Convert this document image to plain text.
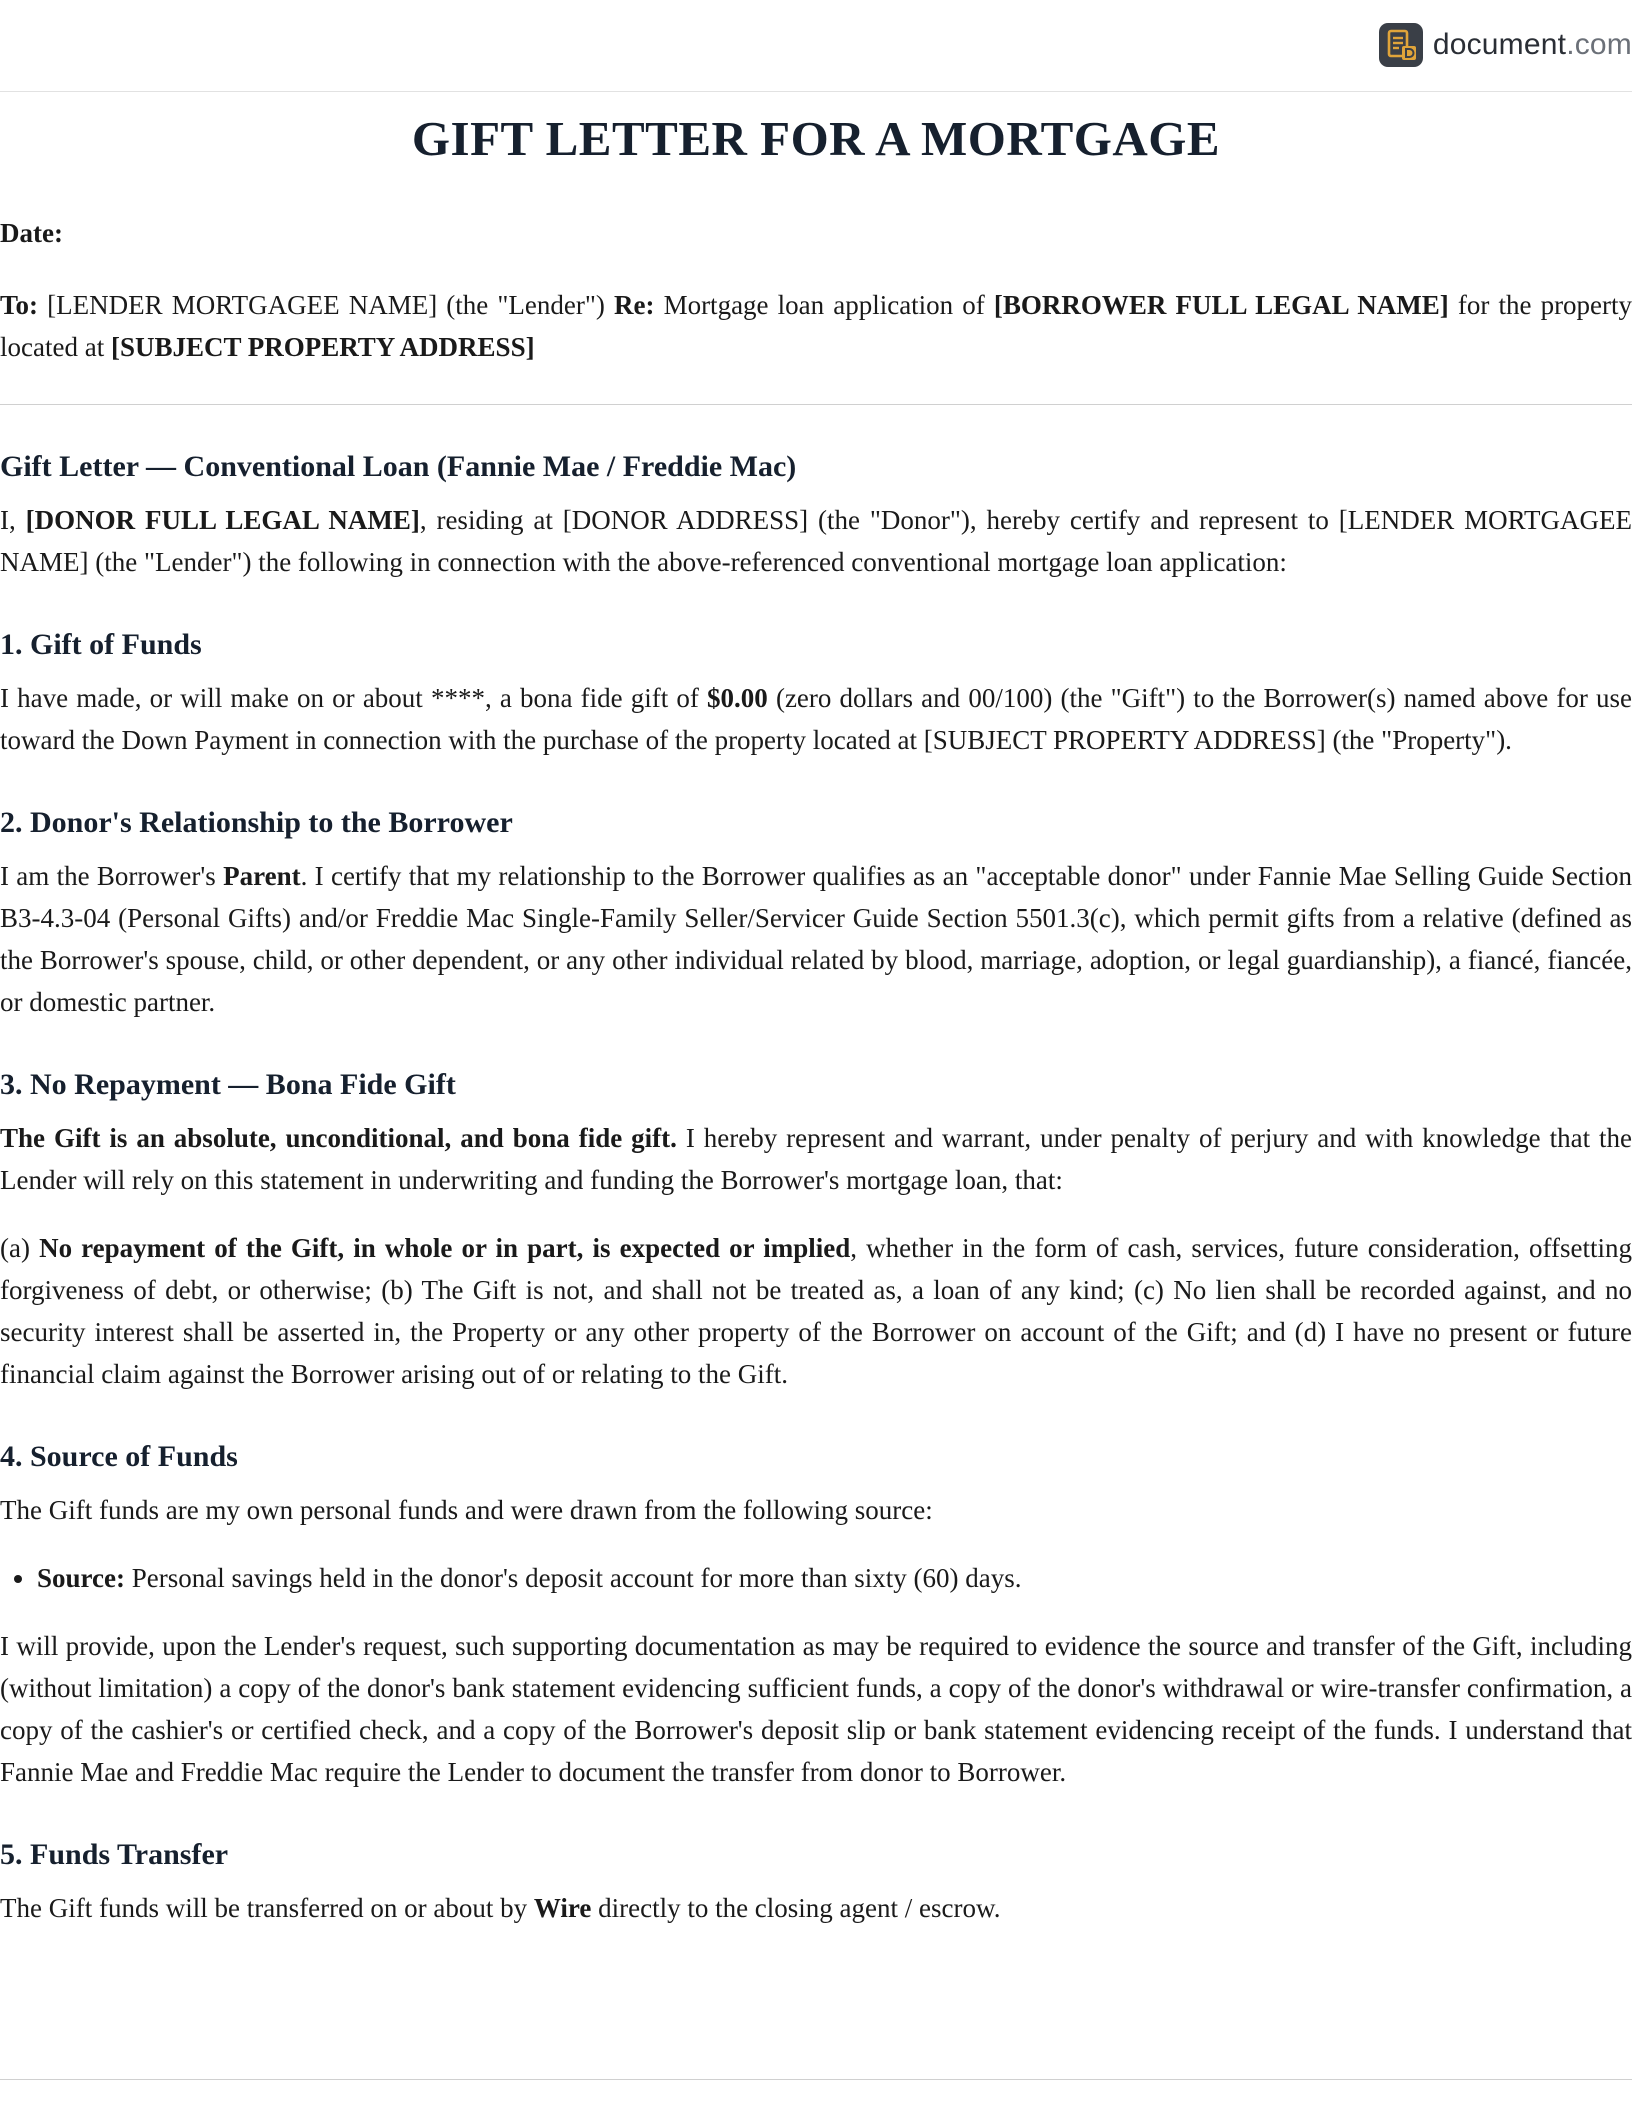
document.com
GIFT LETTER FOR A MORTGAGE

Date:

To: [LENDER MORTGAGEE NAME] (the "Lender") Re: Mortgage loan application of [BORROWER FULL LEGAL NAME] for the property located at [SUBJECT PROPERTY ADDRESS]

Gift Letter — Conventional Loan (Fannie Mae / Freddie Mac)

I, [DONOR FULL LEGAL NAME], residing at [DONOR ADDRESS] (the "Donor"), hereby certify and represent to [LENDER MORTGAGEE NAME] (the "Lender") the following in connection with the above-referenced conventional mortgage loan application:

1. Gift of Funds

I have made, or will make on or about ****, a bona fide gift of $0.00 (zero dollars and 00/100) (the "Gift") to the Borrower(s) named above for use toward the Down Payment in connection with the purchase of the property located at [SUBJECT PROPERTY ADDRESS] (the "Property").

2. Donor's Relationship to the Borrower

I am the Borrower's Parent. I certify that my relationship to the Borrower qualifies as an "acceptable donor" under Fannie Mae Selling Guide Section B3-4.3-04 (Personal Gifts) and/or Freddie Mac Single-Family Seller/Servicer Guide Section 5501.3(c), which permit gifts from a relative (defined as the Borrower's spouse, child, or other dependent, or any other individual related by blood, marriage, adoption, or legal guardianship), a fiancé, fiancée, or domestic partner.

3. No Repayment — Bona Fide Gift

The Gift is an absolute, unconditional, and bona fide gift. I hereby represent and warrant, under penalty of perjury and with knowledge that the Lender will rely on this statement in underwriting and funding the Borrower's mortgage loan, that:

(a) No repayment of the Gift, in whole or in part, is expected or implied, whether in the form of cash, services, future consideration, offsetting forgiveness of debt, or otherwise; (b) The Gift is not, and shall not be treated as, a loan of any kind; (c) No lien shall be recorded against, and no security interest shall be asserted in, the Property or any other property of the Borrower on account of the Gift; and (d) I have no present or future financial claim against the Borrower arising out of or relating to the Gift.

4. Source of Funds

The Gift funds are my own personal funds and were drawn from the following source:

• Source: Personal savings held in the donor's deposit account for more than sixty (60) days.

I will provide, upon the Lender's request, such supporting documentation as may be required to evidence the source and transfer of the Gift, including (without limitation) a copy of the donor's bank statement evidencing sufficient funds, a copy of the donor's withdrawal or wire-transfer confirmation, a copy of the cashier's or certified check, and a copy of the Borrower's deposit slip or bank statement evidencing receipt of the funds. I understand that Fannie Mae and Freddie Mac require the Lender to document the transfer from donor to Borrower.

5. Funds Transfer

The Gift funds will be transferred on or about by Wire directly to the closing agent / escrow.
